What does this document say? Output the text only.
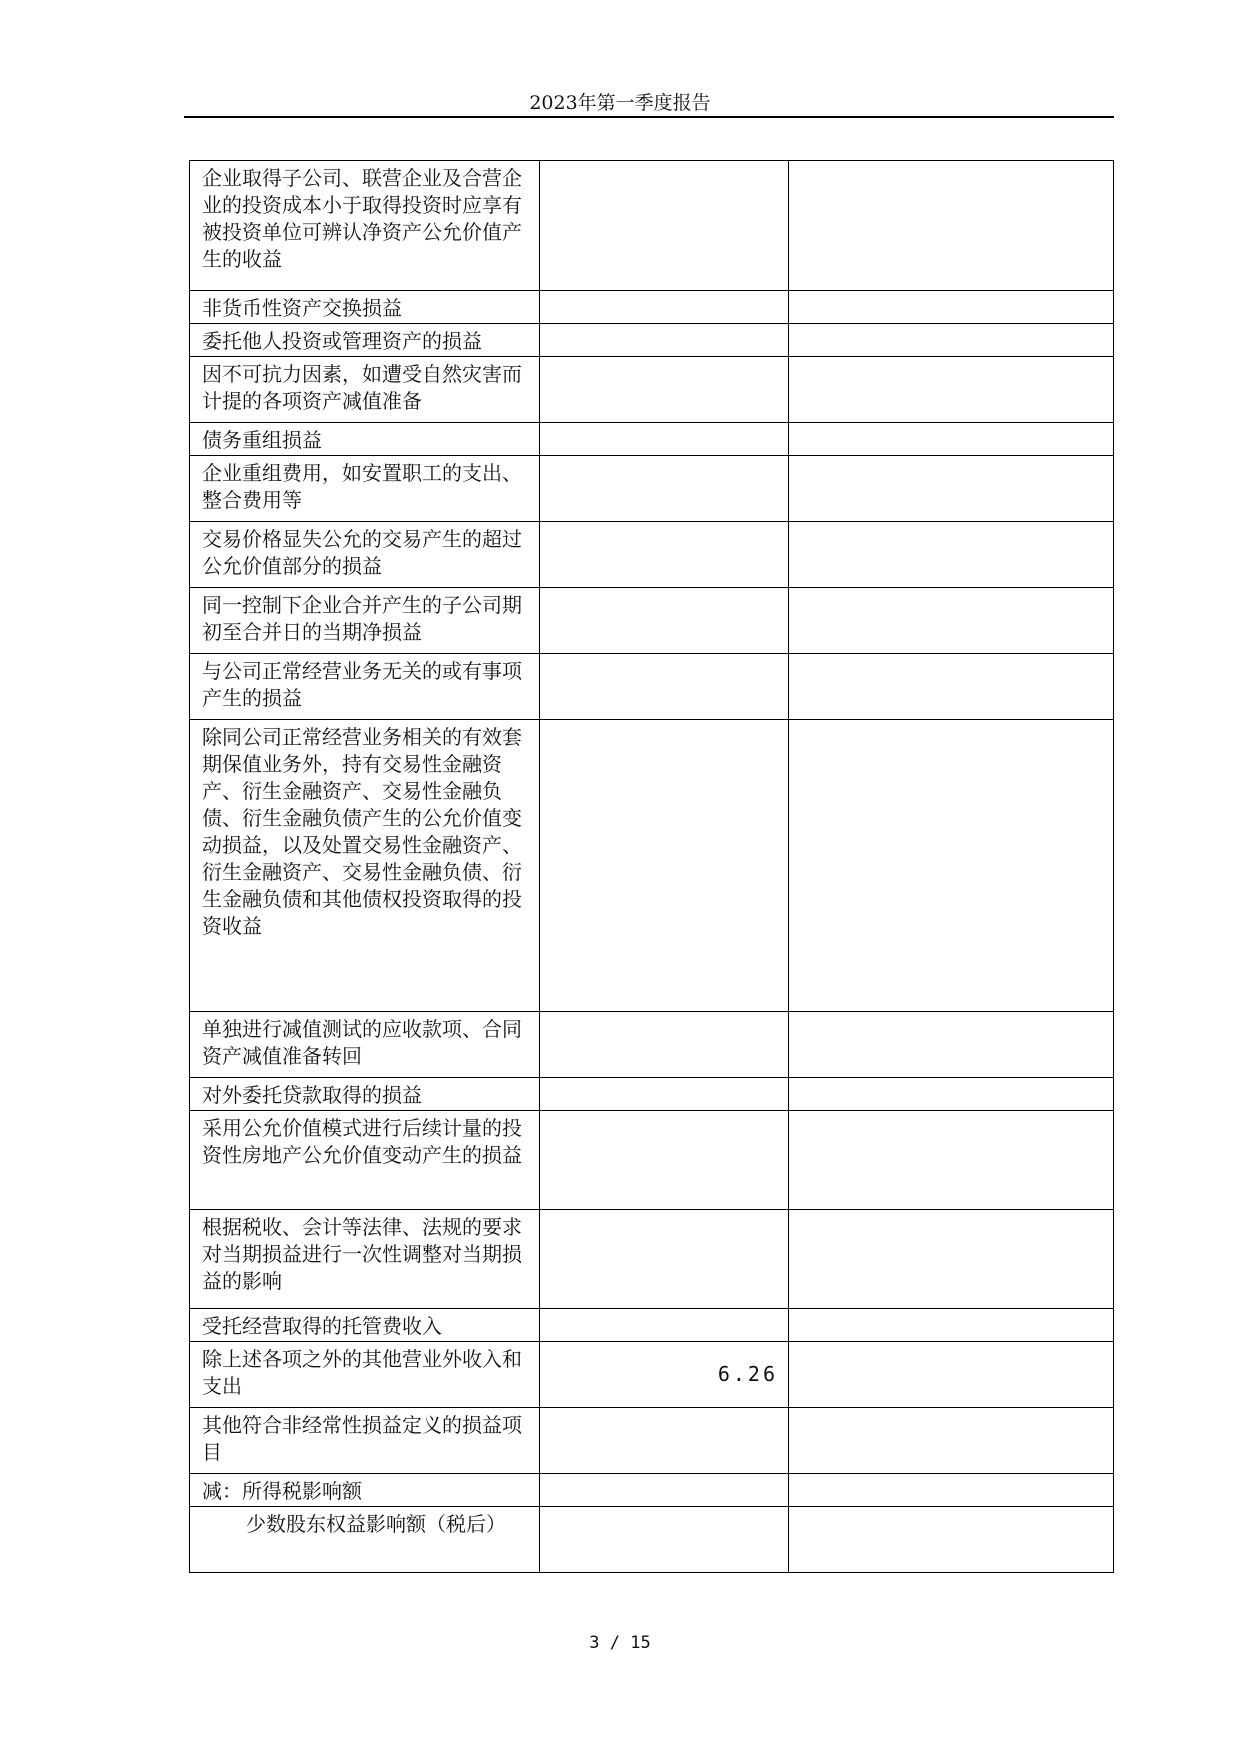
2023年第一季度报告
企业取得子公司、联营企业及合营企业的投资成本小于取得投资时应享有被投资单位可辨认净资产公允价值产生的收益		
非货币性资产交换损益		
委托他人投资或管理资产的损益		
因不可抗力因素，如遭受自然灾害而计提的各项资产减值准备		
债务重组损益		
企业重组费用，如安置职工的支出、整合费用等		
交易价格显失公允的交易产生的超过公允价值部分的损益		
同一控制下企业合并产生的子公司期初至合并日的当期净损益		
与公司正常经营业务无关的或有事项产生的损益		
除同公司正常经营业务相关的有效套期保值业务外，持有交易性金融资产、衍生金融资产、交易性金融负债、衍生金融负债产生的公允价值变动损益，以及处置交易性金融资产、衍生金融资产、交易性金融负债、衍生金融负债和其他债权投资取得的投资收益		
单独进行减值测试的应收款项、合同资产减值准备转回		
对外委托贷款取得的损益		
采用公允价值模式进行后续计量的投资性房地产公允价值变动产生的损益		
根据税收、会计等法律、法规的要求对当期损益进行一次性调整对当期损益的影响		
受托经营取得的托管费收入		
除上述各项之外的其他营业外收入和支出	6.26	
其他符合非经常性损益定义的损益项目		
减：所得税影响额		
少数股东权益影响额（税后）		
3 / 15
